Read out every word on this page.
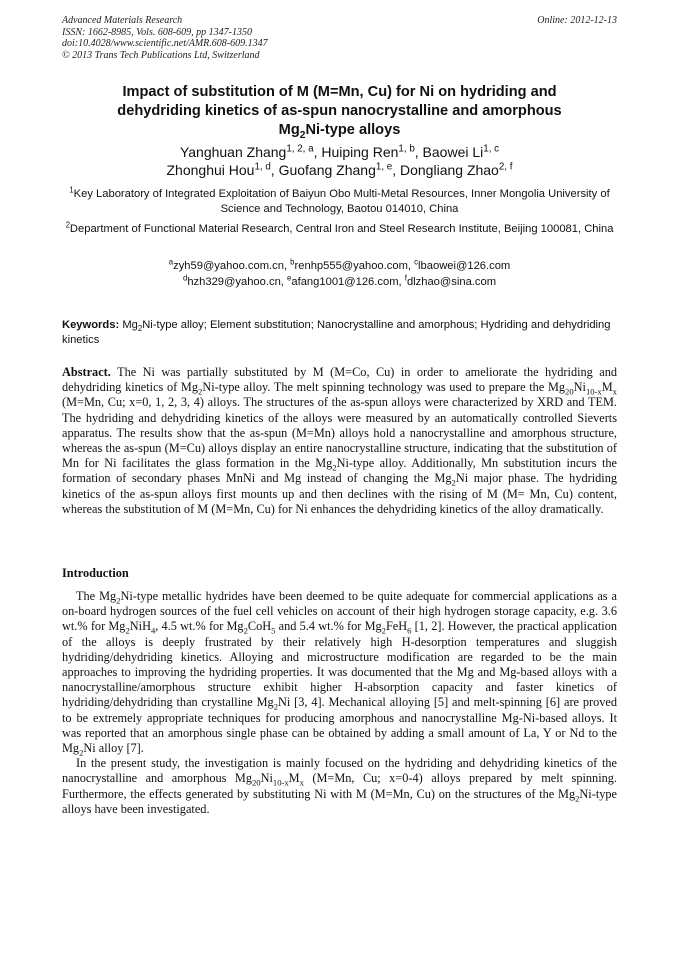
Advanced Materials Research
ISSN: 1662-8985, Vols. 608-609, pp 1347-1350
doi:10.4028/www.scientific.net/AMR.608-609.1347
© 2013 Trans Tech Publications Ltd, Switzerland
Online: 2012-12-13
Impact of substitution of M (M=Mn, Cu) for Ni on hydriding and
dehydriding kinetics of as-spun nanocrystalline and amorphous
$Mg_2Ni$-type alloys
Yanghuan Zhang$^{1, 2, a}$, Huiping Ren$^{1, b}$, Baowei Li$^{1, c}$
Zhonghui Hou$^{1, d}$, Guofang Zhang$^{1, e}$, Dongliang Zhao$^{2, f}$
$^1$Key Laboratory of Integrated Exploitation of Baiyun Obo Multi-Metal Resources, Inner Mongolia University of Science and Technology, Baotou 014010, China
$^2$Department of Functional Material Research, Central Iron and Steel Research Institute, Beijing 100081, China
$^a$zyh59@yahoo.com.cn, $^b$renhp555@yahoo.com, $^c$lbaowei@126.com
$^d$hzh329@yahoo.cn, $^e$afang1001@126.com, $^f$dlzhao@sina.com
Keywords: $Mg_2Ni$-type alloy; Element substitution; Nanocrystalline and amorphous; Hydriding and dehydriding kinetics
Abstract. The Ni was partially substituted by M (M=Co, Cu) in order to ameliorate the hydriding and dehydriding kinetics of $Mg_2Ni$-type alloy. The melt spinning technology was used to prepare the $Mg_{20}Ni_{10-x}M_x$ (M=Mn, Cu; x=0, 1, 2, 3, 4) alloys. The structures of the as-spun alloys were characterized by XRD and TEM. The hydriding and dehydriding kinetics of the alloys were measured by an automatically controlled Sieverts apparatus. The results show that the as-spun (M=Mn) alloys hold a nanocrystalline and amorphous structure, whereas the as-spun (M=Cu) alloys display an entire nanocrystalline structure, indicating that the substitution of Mn for Ni facilitates the glass formation in the $Mg_2Ni$-type alloy. Additionally, Mn substitution incurs the formation of secondary phases MnNi and Mg instead of changing the $Mg_2Ni$ major phase. The hydriding kinetics of the as-spun alloys first mounts up and then declines with the rising of M (M= Mn, Cu) content, whereas the substitution of M (M=Mn, Cu) for Ni enhances the dehydriding kinetics of the alloy dramatically.
Introduction
The $Mg_2Ni$-type metallic hydrides have been deemed to be quite adequate for commercial applications as a on-board hydrogen sources of the fuel cell vehicles on account of their high hydrogen storage capacity, e.g. 3.6 wt.% for $Mg_2NiH_4$, 4.5 wt.% for $Mg_2CoH_5$ and 5.4 wt.% for $Mg_2FeH_6$ [1, 2]. However, the practical application of the alloys is deeply frustrated by their relatively high H-desorption temperatures and sluggish hydriding/dehydriding kinetics. Alloying and microstructure modification are regarded to be the main approaches to improving the hydriding properties. It was documented that the Mg and Mg-based alloys with a nanocrystalline/amorphous structure exhibit higher H-absorption capacity and faster kinetics of hydriding/dehydriding than crystalline $Mg_2Ni$ [3, 4]. Mechanical alloying [5] and melt-spinning [6] are proved to be extremely appropriate techniques for producing amorphous and nanocrystalline Mg-Ni-based alloys. It was reported that an amorphous single phase can be obtained by adding a small amount of La, Y or Nd to the $Mg_2Ni$ alloy [7].
In the present study, the investigation is mainly focused on the hydriding and dehydriding kinetics of the nanocrystalline and amorphous $Mg_{20}Ni_{10-x}M_x$ (M=Mn, Cu; x=0-4) alloys prepared by melt spinning. Furthermore, the effects generated by substituting Ni with M (M=Mn, Cu) on the structures of the $Mg_2Ni$-type alloys have been investigated.
